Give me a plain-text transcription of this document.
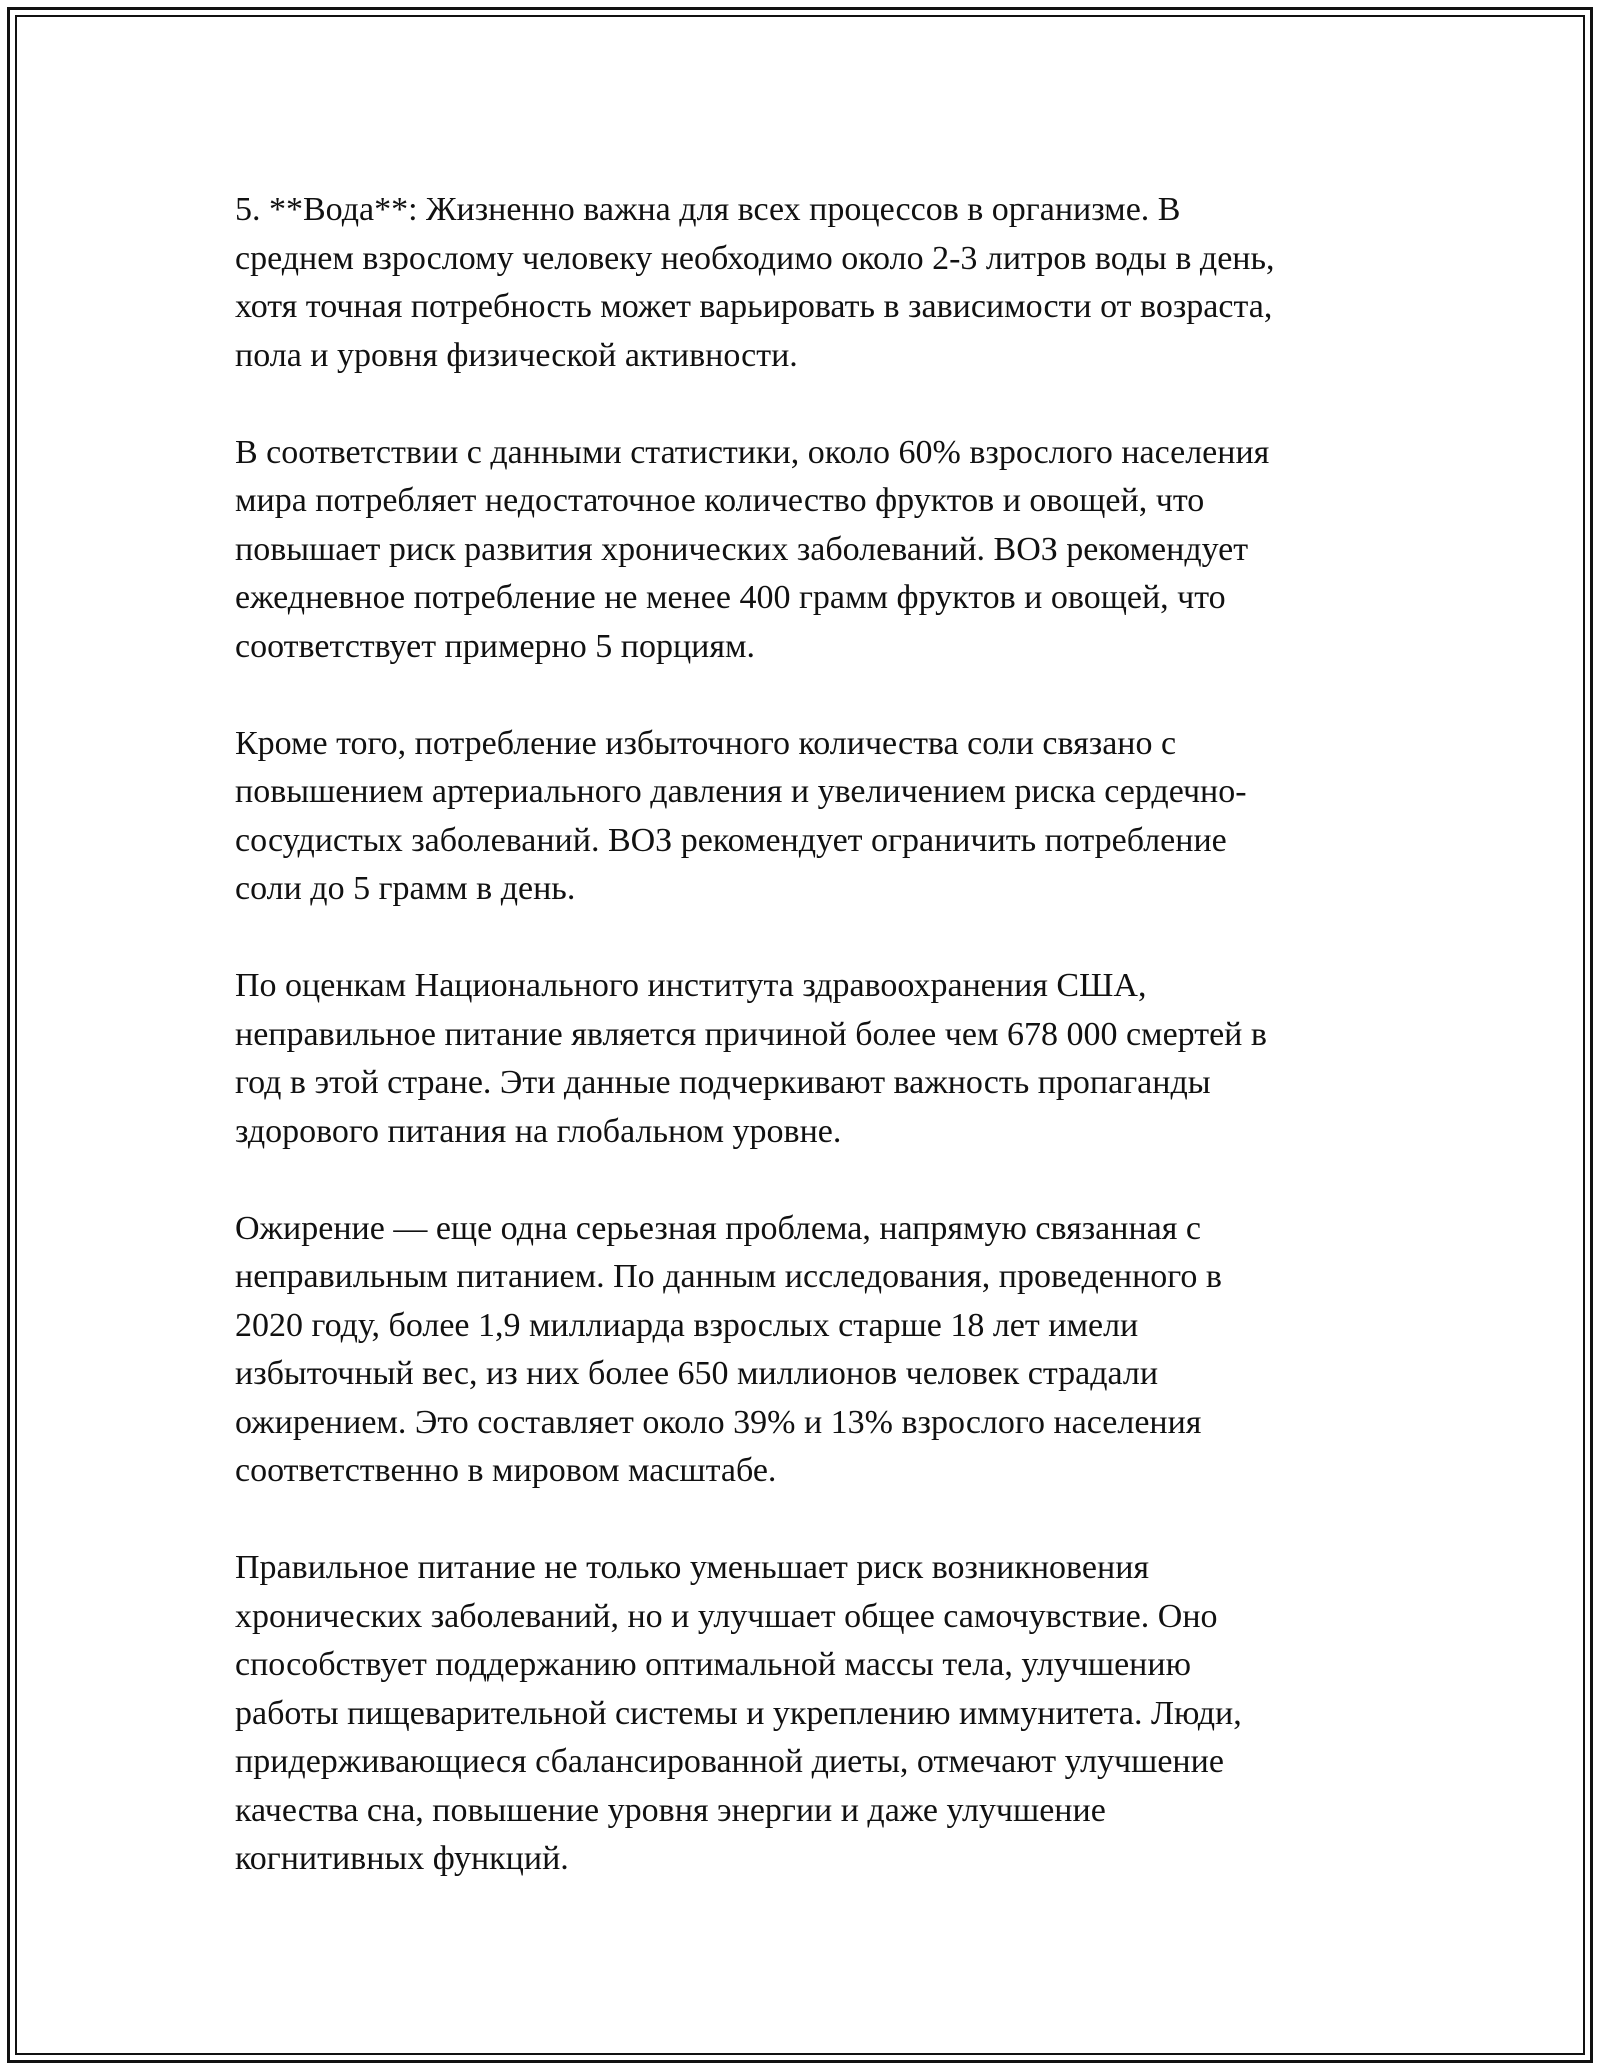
5. **Вода**: Жизненно важна для всех процессов в организме. В
среднем взрослому человеку необходимо около 2-3 литров воды в день,
хотя точная потребность может варьировать в зависимости от возраста,
пола и уровня физической активности.

В соответствии с данными статистики, около 60% взрослого населения
мира потребляет недостаточное количество фруктов и овощей, что
повышает риск развития хронических заболеваний. ВОЗ рекомендует
ежедневное потребление не менее 400 грамм фруктов и овощей, что
соответствует примерно 5 порциям.

Кроме того, потребление избыточного количества соли связано с
повышением артериального давления и увеличением риска сердечно-
сосудистых заболеваний. ВОЗ рекомендует ограничить потребление
соли до 5 грамм в день.

По оценкам Национального института здравоохранения США,
неправильное питание является причиной более чем 678 000 смертей в
год в этой стране. Эти данные подчеркивают важность пропаганды
здорового питания на глобальном уровне.

Ожирение — еще одна серьезная проблема, напрямую связанная с
неправильным питанием. По данным исследования, проведенного в
2020 году, более 1,9 миллиарда взрослых старше 18 лет имели
избыточный вес, из них более 650 миллионов человек страдали
ожирением. Это составляет около 39% и 13% взрослого населения
соответственно в мировом масштабе.

Правильное питание не только уменьшает риск возникновения
хронических заболеваний, но и улучшает общее самочувствие. Оно
способствует поддержанию оптимальной массы тела, улучшению
работы пищеварительной системы и укреплению иммунитета. Люди,
придерживающиеся сбалансированной диеты, отмечают улучшение
качества сна, повышение уровня энергии и даже улучшение
когнитивных функций.
